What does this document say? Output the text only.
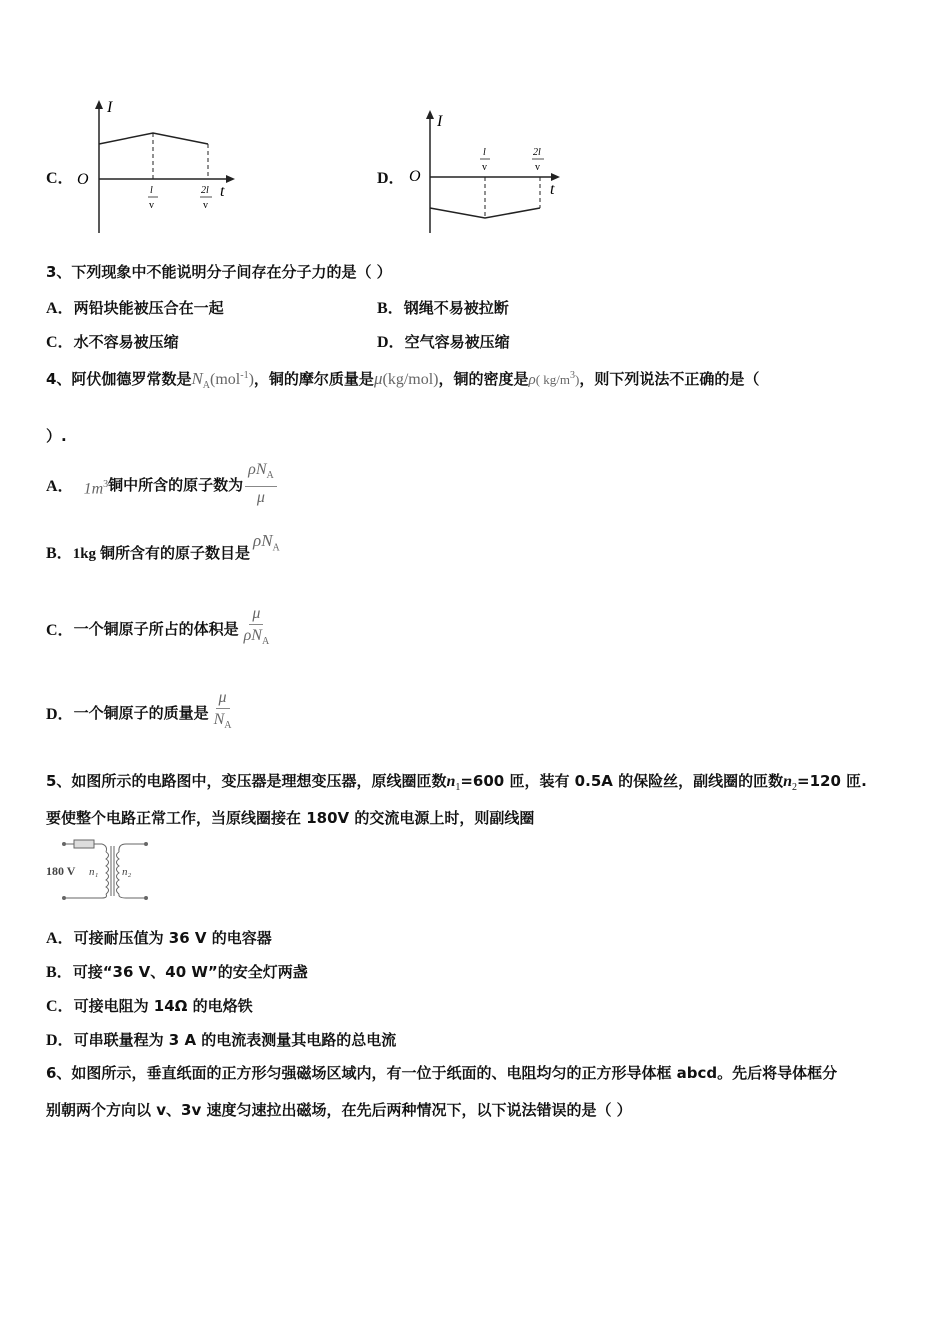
C．
I
t
O
l
v
2l
v
D．
I
t
O
l
v
2l
v
3、下列现象中不能说明分子间存在分子力的是（ ）
A．两铅块能被压合在一起	B．钢绳不易被拉断
C．水不容易被压缩	D．空气容易被压缩
4、阿伏伽德罗常数是$N_A(mol^{-1})$，铜的摩尔质量是μ(kg/mol)，铜的密度是ρ( $kg/m^3$)，则下列说法不正确的是（
）.
A． $1m^3$ 铜中所含的原子数为 $\frac{\rho N_A}{\mu}$
B． 1kg 铜所含有的原子数目是
$\rho N_A$
C． 一个铜原子所占的体积是 $\frac{\mu}{\rho N_A}$
D． 一个铜原子的质量是 $\frac{\mu}{N_A}$
5、如图所示的电路图中，变压器是理想变压器，原线圈匝数$n_1=600$ 匝，装有 0.5A 的保险丝，副线圈的匝数$n_2=120$ 匝.
要使整个电路正常工作，当原线圈接在 180V 的交流电源上时，则副线圈
180 V n₁ n₂
A．可接耐压值为 36 V 的电容器
B．可接“36 V、40 W”的安全灯两盏
C．可接电阻为 14Ω 的电烙铁
D．可串联量程为 3 A 的电流表测量其电路的总电流
6、如图所示，垂直纸面的正方形匀强磁场区域内，有一位于纸面的、电阻均匀的正方形导体框 abcd。先后将导体框分
别朝两个方向以 v、3v 速度匀速拉出磁场，在先后两种情况下，以下说法错误的是（ ）
